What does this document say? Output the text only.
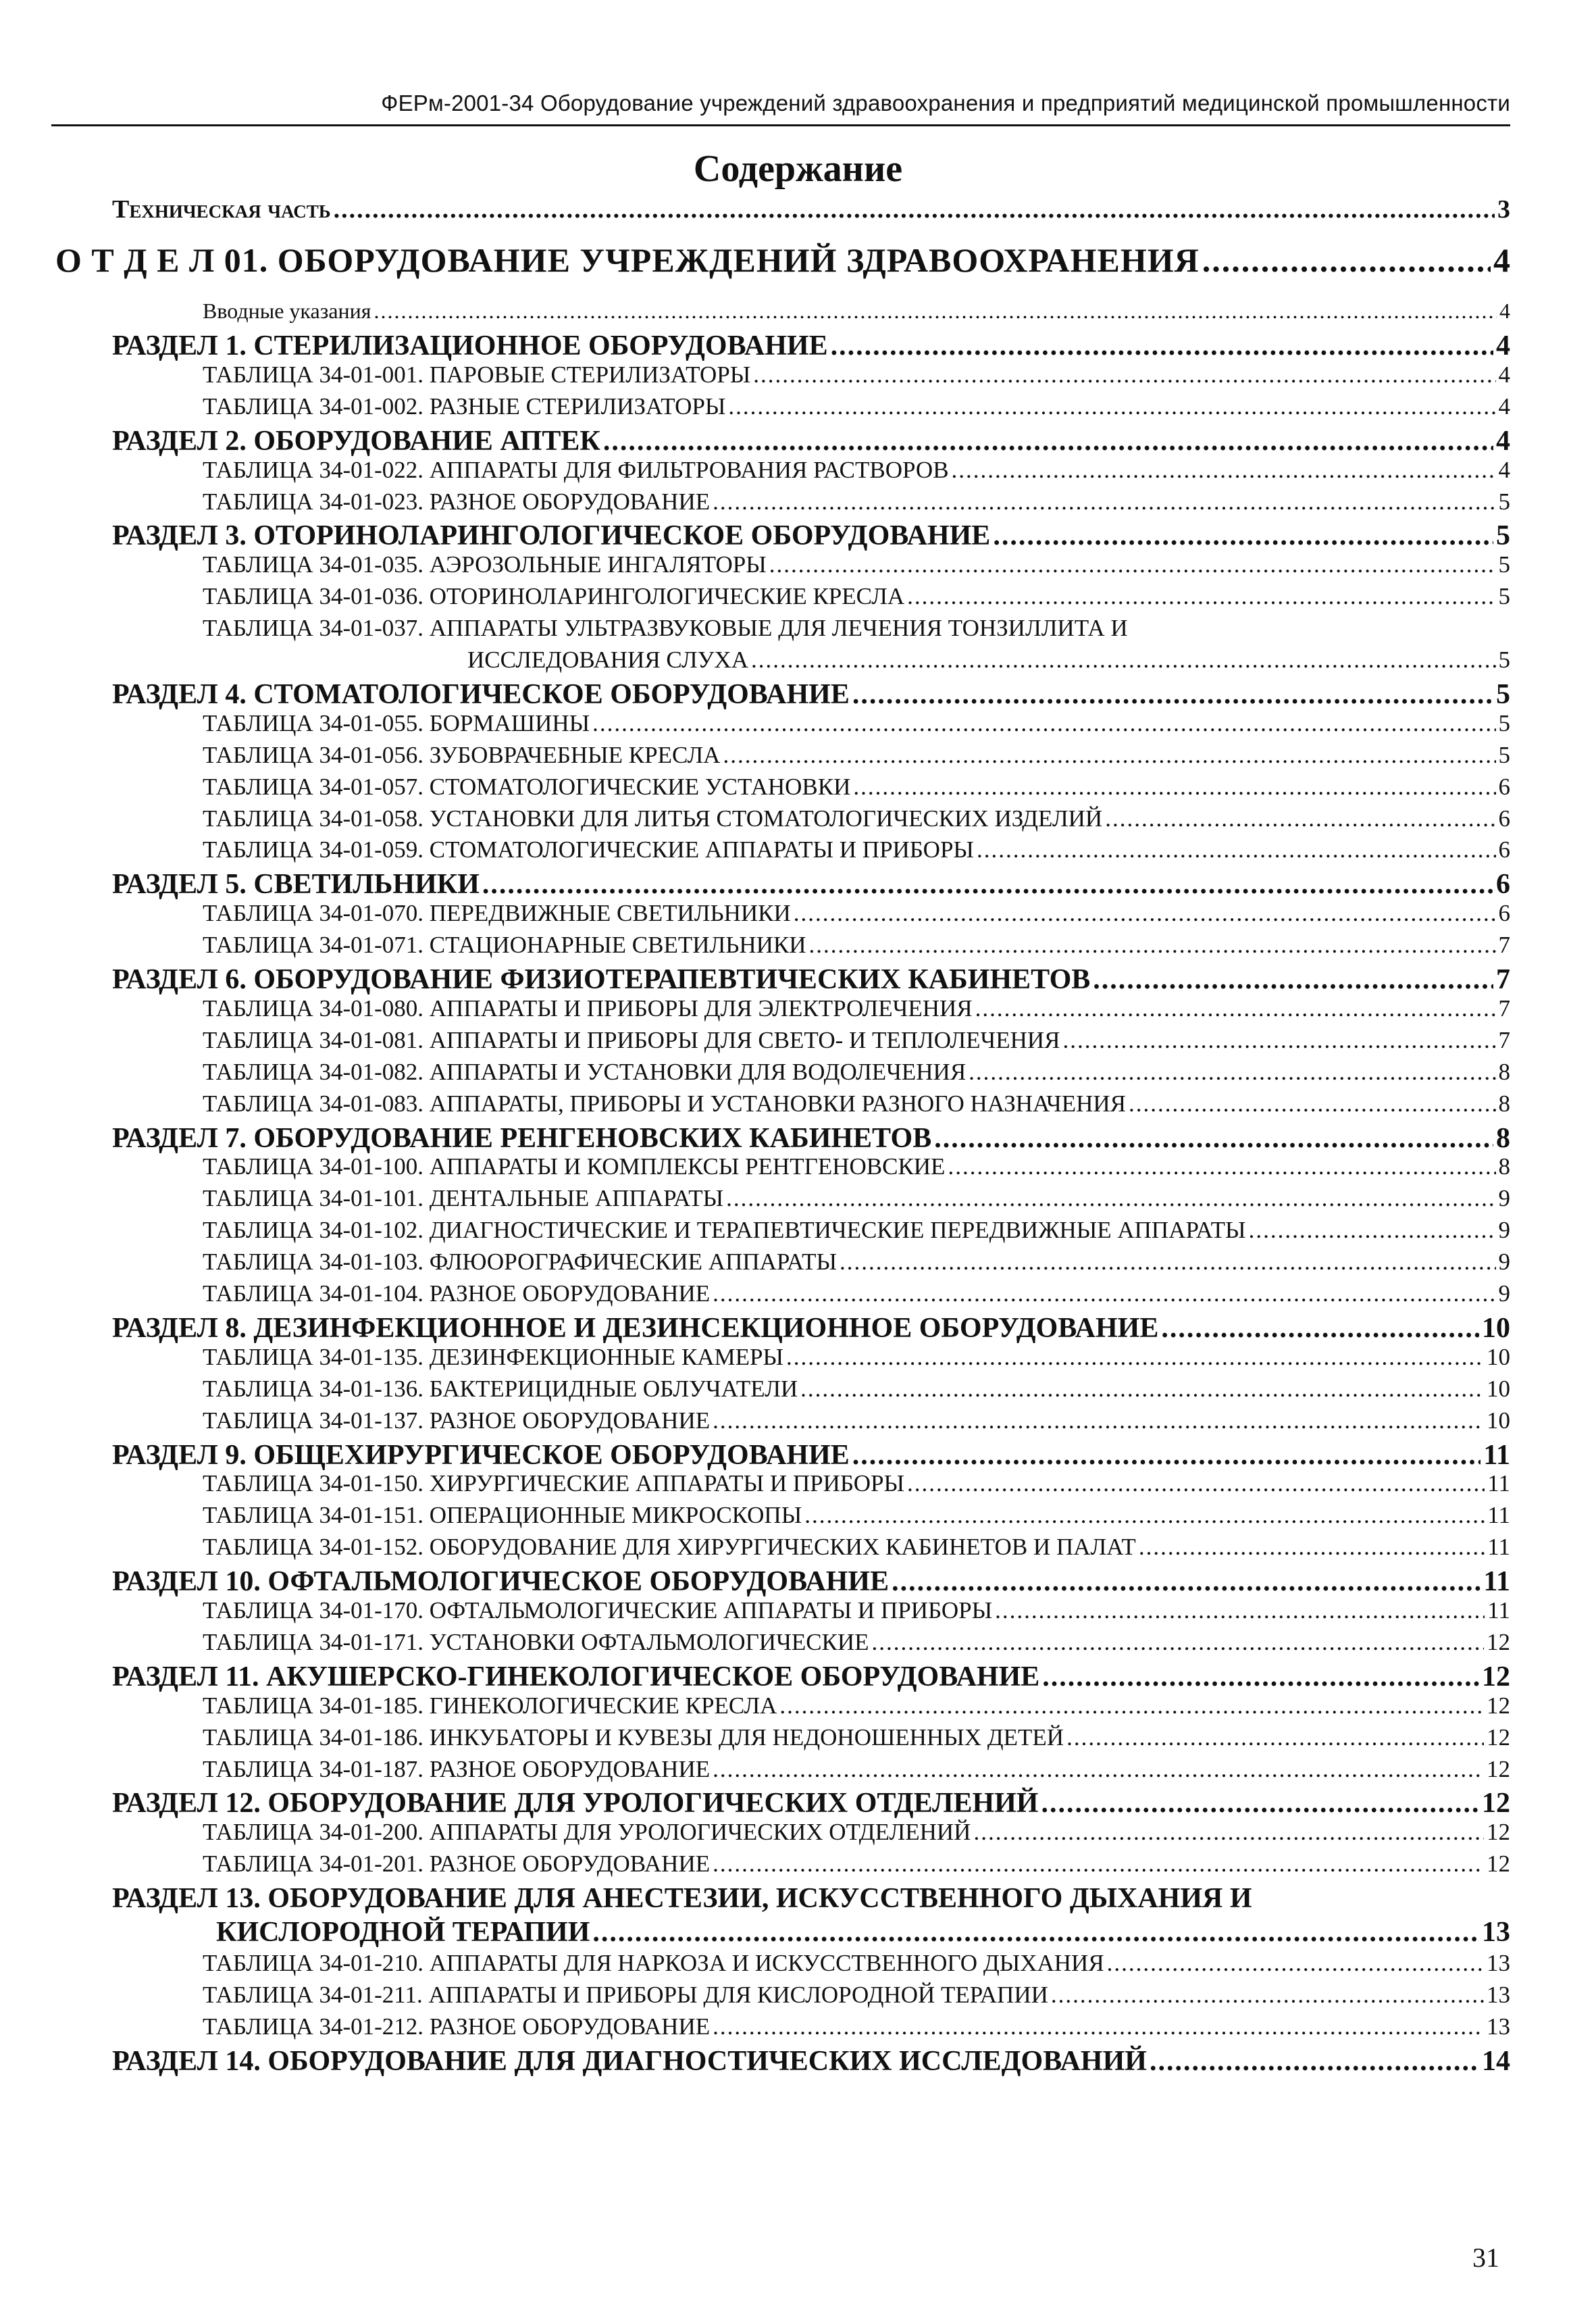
ФЕРм-2001-34 Оборудование учреждений здравоохранения и предприятий медицинской промышленности
Содержание
Техническая часть .....	3
О Т Д Е Л 01. ОБОРУДОВАНИЕ УЧРЕЖДЕНИЙ ЗДРАВООХРАНЕНИЯ .....	4
Вводные указания .....	4
РАЗДЕЛ 1. СТЕРИЛИЗАЦИОННОЕ ОБОРУДОВАНИЕ .....	4
ТАБЛИЦА 34-01-001. ПАРОВЫЕ СТЕРИЛИЗАТОРЫ .....	4
ТАБЛИЦА 34-01-002. РАЗНЫЕ СТЕРИЛИЗАТОРЫ .....	4
РАЗДЕЛ 2. ОБОРУДОВАНИЕ АПТЕК .....	4
ТАБЛИЦА 34-01-022. АППАРАТЫ ДЛЯ ФИЛЬТРОВАНИЯ РАСТВОРОВ .....	4
ТАБЛИЦА 34-01-023. РАЗНОЕ ОБОРУДОВАНИЕ .....	5
РАЗДЕЛ 3. ОТОРИНОЛАРИНГОЛОГИЧЕСКОЕ ОБОРУДОВАНИЕ .....	5
ТАБЛИЦА 34-01-035. АЭРОЗОЛЬНЫЕ ИНГАЛЯТОРЫ .....	5
ТАБЛИЦА 34-01-036. ОТОРИНОЛАРИНГОЛОГИЧЕСКИЕ КРЕСЛА .....	5
ТАБЛИЦА 34-01-037. АППАРАТЫ УЛЬТРАЗВУКОВЫЕ ДЛЯ ЛЕЧЕНИЯ ТОНЗИЛЛИТА И
ИССЛЕДОВАНИЯ СЛУХА .....	5
РАЗДЕЛ 4. СТОМАТОЛОГИЧЕСКОЕ ОБОРУДОВАНИЕ .....	5
ТАБЛИЦА 34-01-055. БОРМАШИНЫ .....	5
ТАБЛИЦА 34-01-056. ЗУБОВРАЧЕБНЫЕ КРЕСЛА .....	5
ТАБЛИЦА 34-01-057. СТОМАТОЛОГИЧЕСКИЕ УСТАНОВКИ .....	6
ТАБЛИЦА 34-01-058. УСТАНОВКИ ДЛЯ ЛИТЬЯ СТОМАТОЛОГИЧЕСКИХ ИЗДЕЛИЙ .....	6
ТАБЛИЦА 34-01-059. СТОМАТОЛОГИЧЕСКИЕ АППАРАТЫ И ПРИБОРЫ .....	6
РАЗДЕЛ 5. СВЕТИЛЬНИКИ .....	6
ТАБЛИЦА 34-01-070. ПЕРЕДВИЖНЫЕ СВЕТИЛЬНИКИ .....	6
ТАБЛИЦА 34-01-071. СТАЦИОНАРНЫЕ СВЕТИЛЬНИКИ .....	7
РАЗДЕЛ 6. ОБОРУДОВАНИЕ ФИЗИОТЕРАПЕВТИЧЕСКИХ КАБИНЕТОВ .....	7
ТАБЛИЦА 34-01-080. АППАРАТЫ И ПРИБОРЫ ДЛЯ ЭЛЕКТРОЛЕЧЕНИЯ .....	7
ТАБЛИЦА 34-01-081. АППАРАТЫ И ПРИБОРЫ ДЛЯ СВЕТО- И ТЕПЛОЛЕЧЕНИЯ .....	7
ТАБЛИЦА 34-01-082. АППАРАТЫ И УСТАНОВКИ ДЛЯ ВОДОЛЕЧЕНИЯ .....	8
ТАБЛИЦА 34-01-083. АППАРАТЫ, ПРИБОРЫ И УСТАНОВКИ РАЗНОГО НАЗНАЧЕНИЯ .....	8
РАЗДЕЛ 7. ОБОРУДОВАНИЕ РЕНГЕНОВСКИХ КАБИНЕТОВ .....	8
ТАБЛИЦА 34-01-100. АППАРАТЫ И КОМПЛЕКСЫ РЕНТГЕНОВСКИЕ .....	8
ТАБЛИЦА 34-01-101. ДЕНТАЛЬНЫЕ АППАРАТЫ .....	9
ТАБЛИЦА 34-01-102. ДИАГНОСТИЧЕСКИЕ И ТЕРАПЕВТИЧЕСКИЕ ПЕРЕДВИЖНЫЕ АППАРАТЫ .....	9
ТАБЛИЦА 34-01-103. ФЛЮОРОГРАФИЧЕСКИЕ АППАРАТЫ .....	9
ТАБЛИЦА 34-01-104. РАЗНОЕ ОБОРУДОВАНИЕ .....	9
РАЗДЕЛ 8. ДЕЗИНФЕКЦИОННОЕ И ДЕЗИНСЕКЦИОННОЕ ОБОРУДОВАНИЕ .....	10
ТАБЛИЦА 34-01-135. ДЕЗИНФЕКЦИОННЫЕ КАМЕРЫ .....	10
ТАБЛИЦА 34-01-136. БАКТЕРИЦИДНЫЕ ОБЛУЧАТЕЛИ .....	10
ТАБЛИЦА 34-01-137. РАЗНОЕ ОБОРУДОВАНИЕ .....	10
РАЗДЕЛ 9. ОБЩЕХИРУРГИЧЕСКОЕ ОБОРУДОВАНИЕ .....	11
ТАБЛИЦА 34-01-150. ХИРУРГИЧЕСКИЕ АППАРАТЫ И ПРИБОРЫ .....	11
ТАБЛИЦА 34-01-151. ОПЕРАЦИОННЫЕ МИКРОСКОПЫ .....	11
ТАБЛИЦА 34-01-152. ОБОРУДОВАНИЕ ДЛЯ ХИРУРГИЧЕСКИХ КАБИНЕТОВ И ПАЛАТ .....	11
РАЗДЕЛ 10. ОФТАЛЬМОЛОГИЧЕСКОЕ ОБОРУДОВАНИЕ .....	11
ТАБЛИЦА 34-01-170. ОФТАЛЬМОЛОГИЧЕСКИЕ АППАРАТЫ И ПРИБОРЫ .....	11
ТАБЛИЦА 34-01-171. УСТАНОВКИ ОФТАЛЬМОЛОГИЧЕСКИЕ .....	12
РАЗДЕЛ 11. АКУШЕРСКО-ГИНЕКОЛОГИЧЕСКОЕ ОБОРУДОВАНИЕ .....	12
ТАБЛИЦА 34-01-185. ГИНЕКОЛОГИЧЕСКИЕ КРЕСЛА .....	12
ТАБЛИЦА 34-01-186. ИНКУБАТОРЫ И КУВЕЗЫ ДЛЯ НЕДОНОШЕННЫХ ДЕТЕЙ .....	12
ТАБЛИЦА 34-01-187. РАЗНОЕ ОБОРУДОВАНИЕ .....	12
РАЗДЕЛ 12. ОБОРУДОВАНИЕ ДЛЯ УРОЛОГИЧЕСКИХ ОТДЕЛЕНИЙ .....	12
ТАБЛИЦА 34-01-200. АППАРАТЫ ДЛЯ УРОЛОГИЧЕСКИХ ОТДЕЛЕНИЙ .....	12
ТАБЛИЦА 34-01-201. РАЗНОЕ ОБОРУДОВАНИЕ .....	12
РАЗДЕЛ 13. ОБОРУДОВАНИЕ ДЛЯ АНЕСТЕЗИИ, ИСКУССТВЕННОГО ДЫХАНИЯ И
КИСЛОРОДНОЙ ТЕРАПИИ .....	13
ТАБЛИЦА 34-01-210. АППАРАТЫ ДЛЯ НАРКОЗА И ИСКУССТВЕННОГО ДЫХАНИЯ .....	13
ТАБЛИЦА 34-01-211. АППАРАТЫ И ПРИБОРЫ ДЛЯ КИСЛОРОДНОЙ ТЕРАПИИ .....	13
ТАБЛИЦА 34-01-212. РАЗНОЕ ОБОРУДОВАНИЕ .....	13
РАЗДЕЛ 14. ОБОРУДОВАНИЕ ДЛЯ ДИАГНОСТИЧЕСКИХ ИССЛЕДОВАНИЙ .....	14
31
